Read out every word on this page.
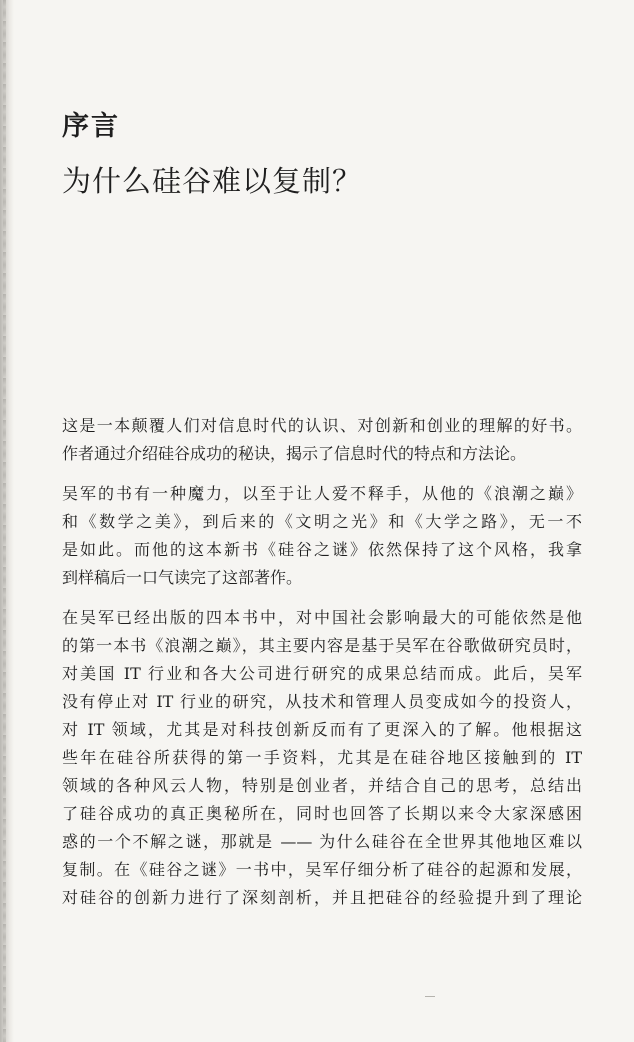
序言
为什么硅谷难以复制？
这是一本颠覆人们对信息时代的认识、对创新和创业的理解的好书。
作者通过介绍硅谷成功的秘诀，揭示了信息时代的特点和方法论。
吴军的书有一种魔力，以至于让人爱不释手，从他的《浪潮之巅》
和《数学之美》，到后来的《文明之光》和《大学之路》，无一不
是如此。而他的这本新书《硅谷之谜》依然保持了这个风格，我拿
到样稿后一口气读完了这部著作。
在吴军已经出版的四本书中，对中国社会影响最大的可能依然是他
的第一本书《浪潮之巅》，其主要内容是基于吴军在谷歌做研究员时，
对美国 IT 行业和各大公司进行研究的成果总结而成。此后，吴军
没有停止对 IT 行业的研究，从技术和管理人员变成如今的投资人，
对 IT 领域，尤其是对科技创新反而有了更深入的了解。他根据这
些年在硅谷所获得的第一手资料，尤其是在硅谷地区接触到的 IT
领域的各种风云人物，特别是创业者，并结合自己的思考，总结出
了硅谷成功的真正奥秘所在，同时也回答了长期以来令大家深感困
惑的一个不解之谜，那就是 —— 为什么硅谷在全世界其他地区难以
复制。在《硅谷之谜》一书中，吴军仔细分析了硅谷的起源和发展，
对硅谷的创新力进行了深刻剖析，并且把硅谷的经验提升到了理论
